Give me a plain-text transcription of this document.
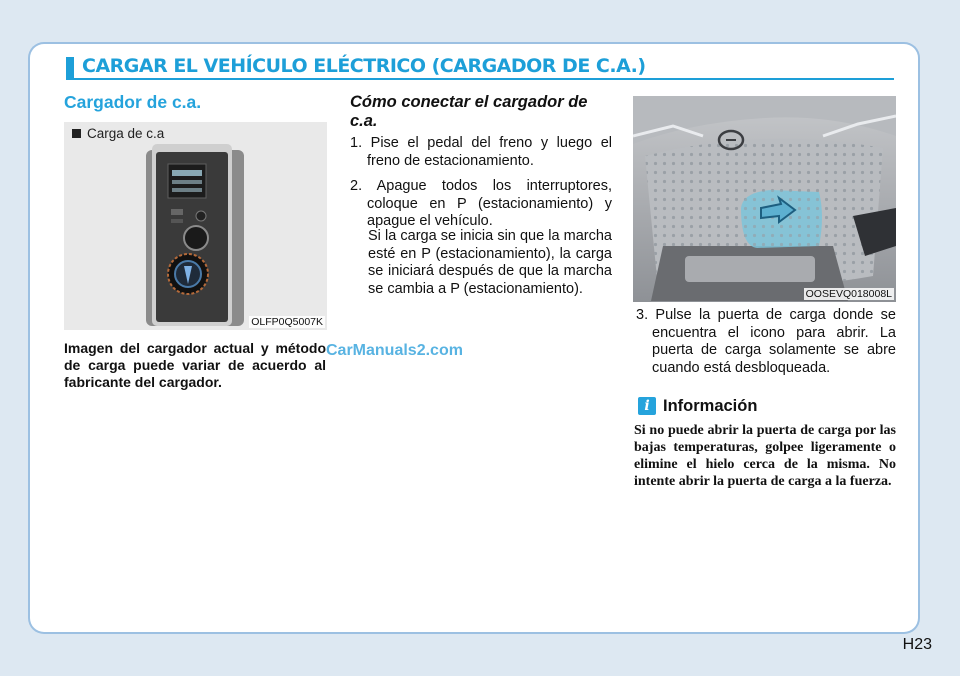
CARGAR EL VEHÍCULO ELÉCTRICO (CARGADOR DE C.A.)
Cargador de c.a.
Carga de c.a
OLFP0Q5007K

Imagen del cargador actual y método de carga puede variar de acuerdo al fabricante del cargador.

CarManuals2.com

Cómo conectar el cargador de c.a.

1. Pise el pedal del freno y luego el freno de estacionamiento.
2. Apague todos los interruptores, coloque en P (estacionamiento) y apague el vehículo.

Si la carga se inicia sin que la marcha esté en P (estacionamiento), la carga se iniciará después de que la marcha se cambia a P (estacionamiento).	OOSEVQ018008L

3. Pulse la puerta de carga donde se encuentra el icono para abrir. La puerta de carga solamente se abre cuando está desbloqueada.

i Información

Si no puede abrir la puerta de carga por las bajas temperaturas, golpee ligeramente o elimine el hielo cerca de la misma. No intente abrir la puerta de carga a la fuerza.

H23
